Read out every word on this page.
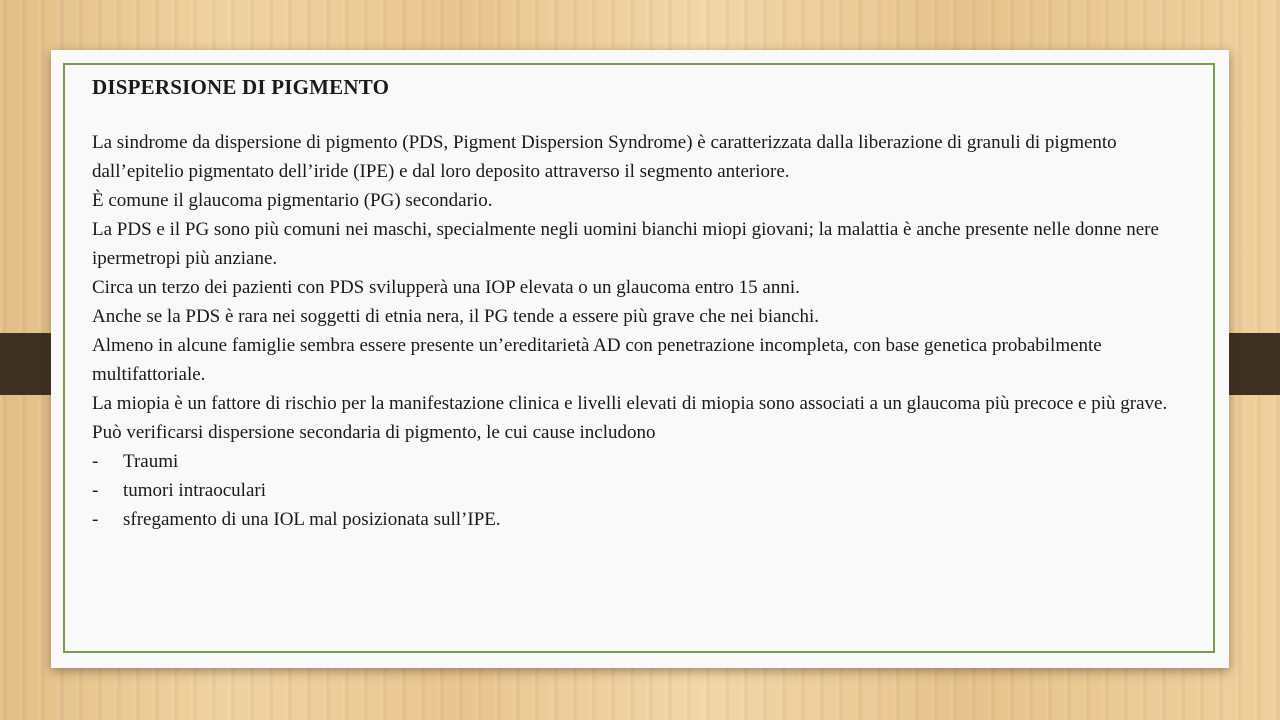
DISPERSIONE DI PIGMENTO

La sindrome da dispersione di pigmento (PDS, Pigment Dispersion Syndrome) è caratterizzata dalla liberazione di granuli di pigmento dall’epitelio pigmentato dell’iride (IPE) e dal loro deposito attraverso il segmento anteriore.

È comune il glaucoma pigmentario (PG) secondario.

La PDS e il PG sono più comuni nei maschi, specialmente negli uomini bianchi miopi giovani; la malattia è anche presente nelle donne nere ipermetropi più anziane.

Circa un terzo dei pazienti con PDS svilupperà una IOP elevata o un glaucoma entro 15 anni.

Anche se la PDS è rara nei soggetti di etnia nera, il PG tende a essere più grave che nei bianchi.

Almeno in alcune famiglie sembra essere presente un’ereditarietà AD con penetrazione incompleta, con base genetica probabilmente multifattoriale.

La miopia è un fattore di rischio per la manifestazione clinica e livelli elevati di miopia sono associati a un glaucoma più precoce e più grave.

Può verificarsi dispersione secondaria di pigmento, le cui cause includono

-	Traumi
-	tumori intraoculari
-	sfregamento di una IOL mal posizionata sull’IPE.
